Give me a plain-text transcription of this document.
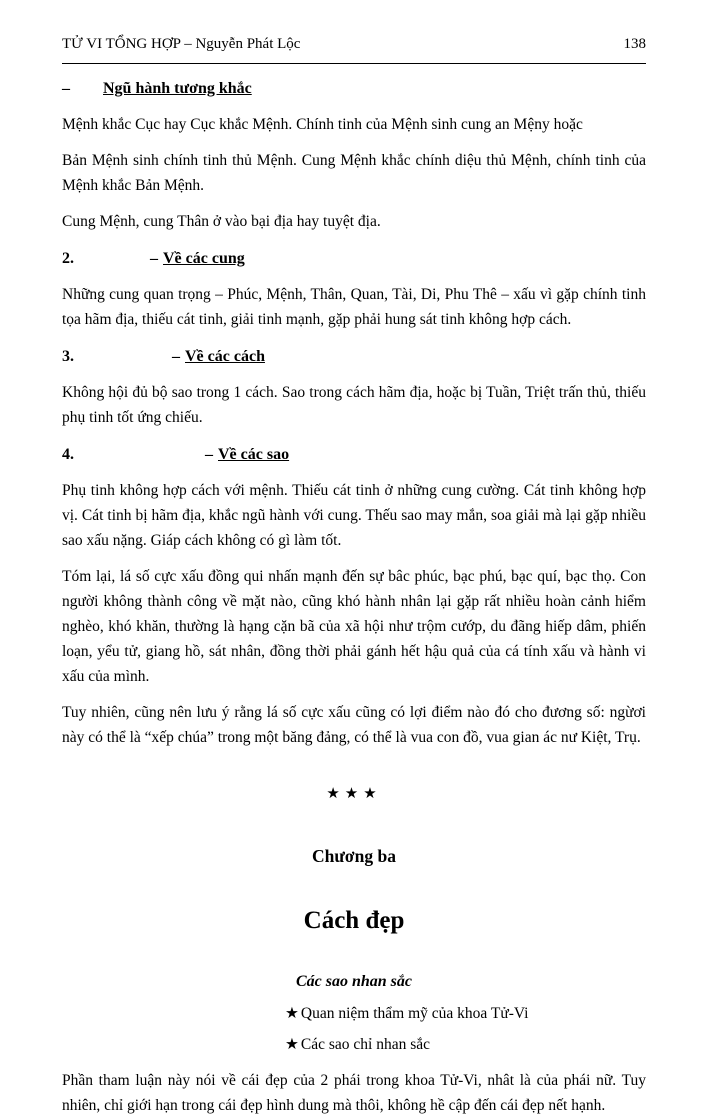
TỬ VI TỔNG HỢP – Nguyễn Phát Lộc	138
– Ngũ hành tương khắc

Mệnh khắc Cục hay Cục khắc Mệnh. Chính tinh của Mệnh sinh cung an Mệny hoặc

Bản Mệnh sinh chính tinh thủ Mệnh. Cung Mệnh khắc chính diệu thủ Mệnh, chính tinh của Mệnh khắc Bản Mệnh.

Cung Mệnh, cung Thân ở vào bại địa hay tuyệt địa.

2.	– Về các cung

Những cung quan trọng – Phúc, Mệnh, Thân, Quan, Tài, Di, Phu Thê – xấu vì gặp chính tinh tọa hãm địa, thiếu cát tinh, giải tinh mạnh, gặp phải hung sát tinh không hợp cách.

3.	– Về các cách

Không hội đủ bộ sao trong 1 cách. Sao trong cách hãm địa, hoặc bị Tuần, Triệt trấn thủ, thiếu phụ tinh tốt ứng chiếu.

4.	– Về các sao

Phụ tinh không hợp cách với mệnh. Thiếu cát tinh ở những cung cường. Cát tinh không hợp vị. Cát tinh bị hãm địa, khắc ngũ hành với cung. Thếu sao may mắn, soa giải mà lại gặp nhiều sao xấu nặng. Giáp cách không có gì làm tốt.

Tóm lại, lá số cực xấu đồng qui nhấn mạnh đến sự bâc phúc, bạc phú, bạc quí, bạc thọ. Con người không thành công về mặt nào, cũng khó hành nhân lại gặp rất nhiều hoàn cảnh hiểm nghèo, khó khăn, thường là hạng cặn bã của xã hội như trộm cướp, du đãng hiếp dâm, phiến loạn, yểu tử, giang hồ, sát nhân, đồng thời phải gánh hết hậu quả của cá tính xấu và hành vi xấu của mình.

Tuy nhiên, cũng nên lưu ý rằng lá số cực xấu cũng có lợi điểm nào đó cho đương số: ngừơi này có thể là “xếp chúa” trong một băng đảng, có thể là vua con đồ, vua gian ác nư Kiệt, Trụ.

★★★
Chương ba
Cách đẹp
Các sao nhan sắc
★ Quan niệm thẩm mỹ của khoa Tử-Vi
★ Các sao chỉ nhan sắc

Phần tham luận này nói về cái đẹp của 2 phái trong khoa Tử-Vi, nhât là của phái nữ. Tuy nhiên, chỉ giới hạn trong cái đẹp hình dung mà thôi, không hề cập đến cái đẹp nết hạnh.
